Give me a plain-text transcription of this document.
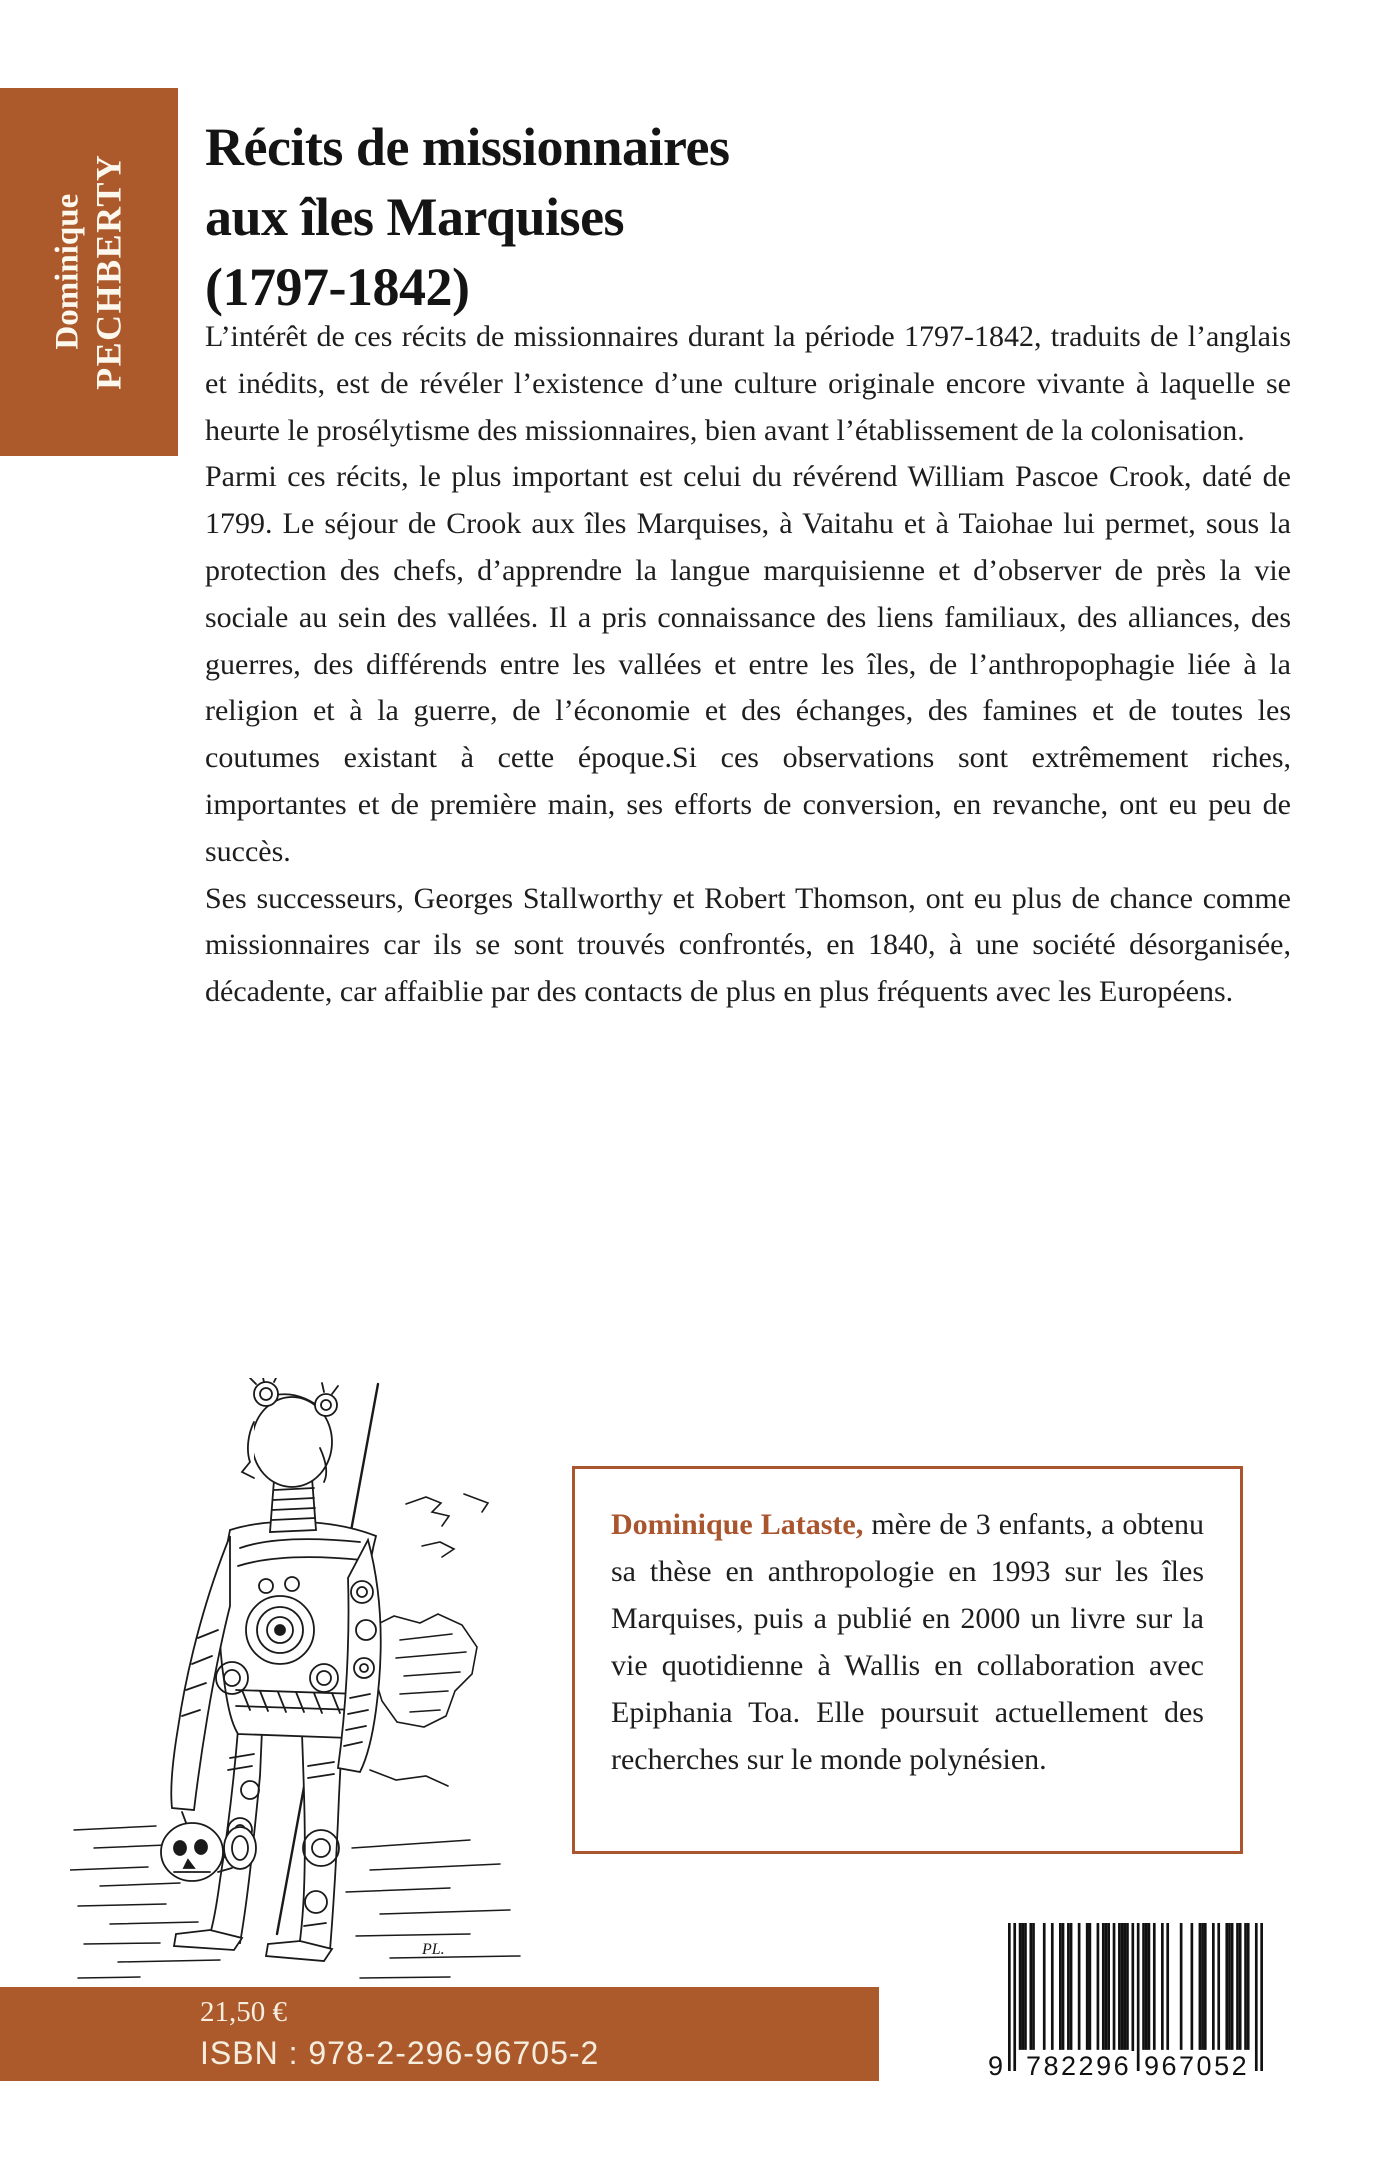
Dominique PECHBERTY
Récits de missionnaires
aux îles Marquises
(1797-1842)

L’intérêt de ces récits de missionnaires durant la période 1797-1842, traduits de l’anglais et inédits, est de révéler l’existence d’une culture originale encore vivante à laquelle se heurte le prosélytisme des missionnaires, bien avant l’établissement de la colonisation.

Parmi ces récits, le plus important est celui du révérend William Pascoe Crook, daté de 1799. Le séjour de Crook aux îles Marquises, à Vaitahu et à Taiohae lui permet, sous la protection des chefs, d’apprendre la langue marquisienne et d’observer de près la vie sociale au sein des vallées. Il a pris connaissance des liens familiaux, des alliances, des guerres, des différends entre les vallées et entre les îles, de l’anthropophagie liée à la religion et à la guerre, de l’économie et des échanges, des famines et de toutes les coutumes existant à cette époque.Si ces observations sont extrêmement riches, importantes et de première main, ses efforts de conversion, en revanche, ont eu peu de succès.

Ses successeurs, Georges Stallworthy et Robert Thomson, ont eu plus de chance comme missionnaires car ils se sont trouvés confrontés, en 1840, à une société désorganisée, décadente, car affaiblie par des contacts de plus en plus fréquents avec les Européens.

PL.

Dominique Lataste, mère de 3 enfants, a obtenu sa thèse en anthropologie en 1993 sur les îles Marquises, puis a publié en 2000 un livre sur la vie quotidienne à Wallis en collaboration avec Epiphania Toa. Elle poursuit actuellement des recherches sur le monde polynésien.

21,50 €
ISBN : 978-2-296-96705-2	9 782296 967052
